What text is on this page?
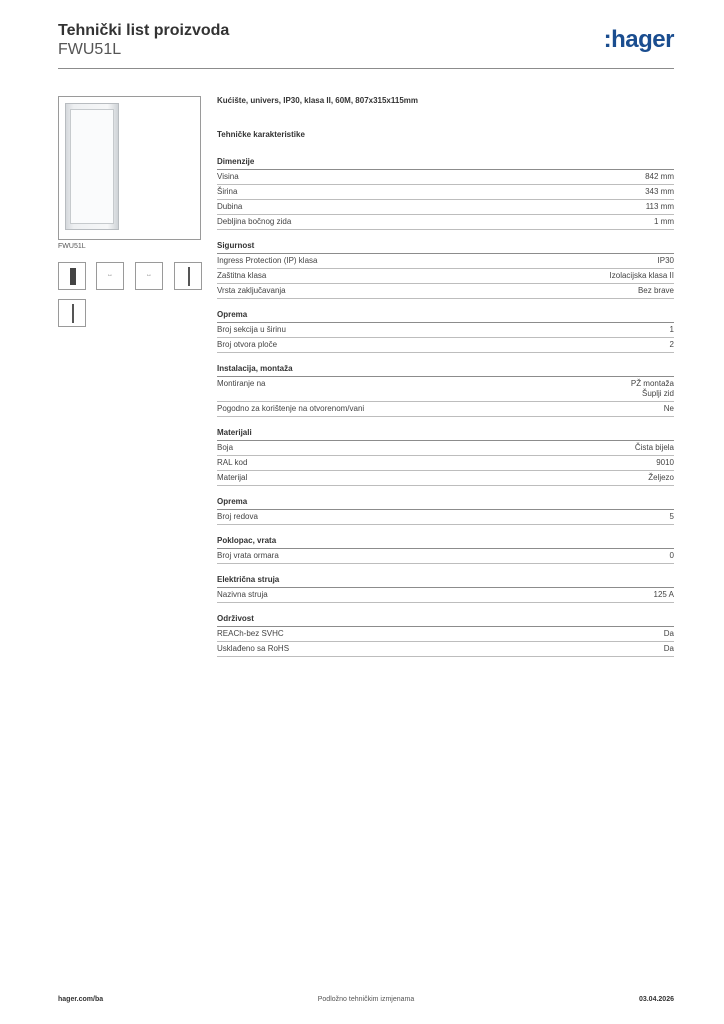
Tehnički list proizvoda
FWU51L	:hager
FWU51L
↔	↔
Kućište, univers, IP30, klasa II, 60M, 807x315x115mm
Tehničke karakteristike
Dimenzije
Visina	842 mm
Širina	343 mm
Dubina	113 mm
Debljina bočnog zida	1 mm
Sigurnost
Ingress Protection (IP) klasa	IP30
Zaštitna klasa	Izolacijska klasa II
Vrsta zaključavanja	Bez brave
Oprema
Broj sekcija u širinu	1
Broj otvora ploče	2
Instalacija, montaža
Montiranje na	PŽ montaža
Šuplji zid
Pogodno za korištenje na otvorenom/vani	Ne
Materijali
Boja	Čista bijela
RAL kod	9010
Materijal	Željezo
Oprema
Broj redova	5
Poklopac, vrata
Broj vrata ormara	0
Električna struja
Nazivna struja	125 A
Održivost
REACh-bez SVHC	Da
Usklađeno sa RoHS	Da
hager.com/ba	Podložno tehničkim izmjenama	03.04.2026
